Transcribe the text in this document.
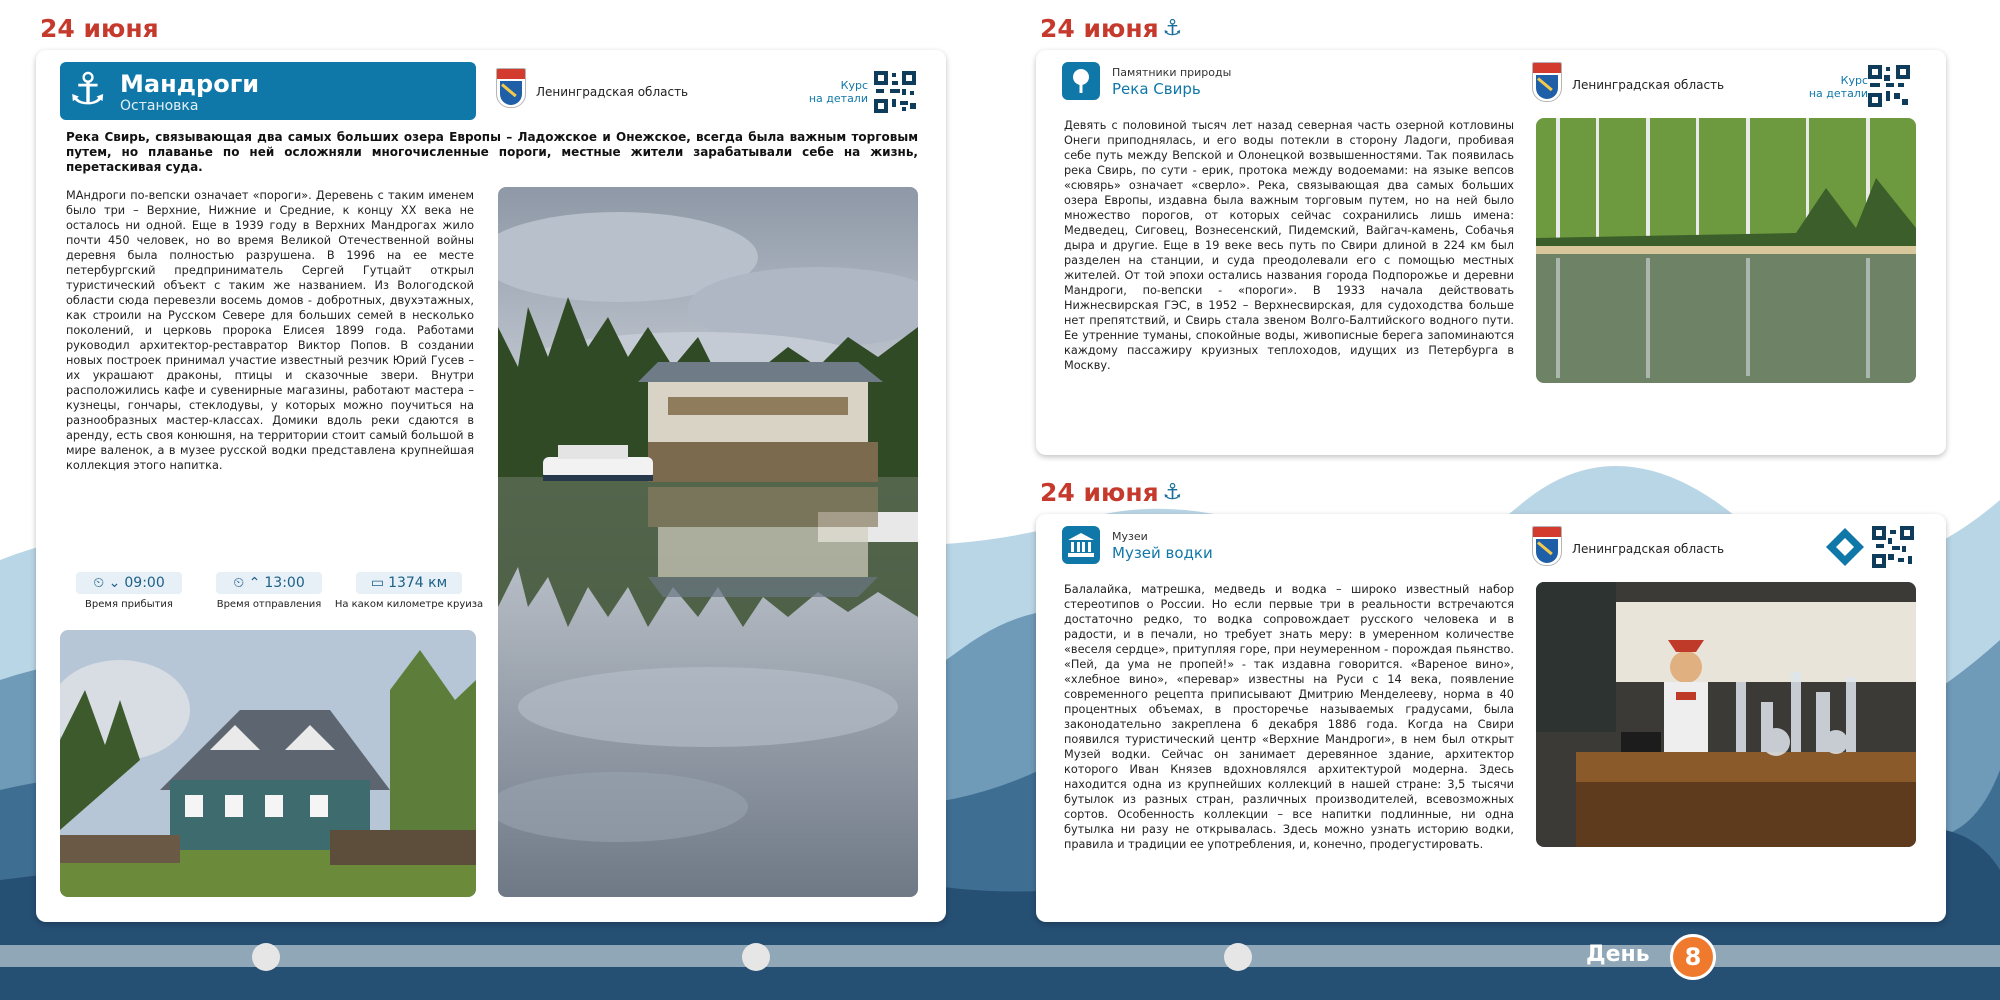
24 июня
⚓ Мандроги
Остановка
Ленинградская область	Курс
на детали
Река Свирь, связывающая два самых больших озера Европы – Ладожское и Онежское, всегда была важным торговым путем, но плаванье по ней осложняли многочисленные пороги, местные жители зарабатывали себе на жизнь, перетаскивая суда.
МАндроги по-вепски означает «пороги». Деревень с таким именем было три – Верхние, Нижние и Средние, к концу XX века не осталось ни одной. Еще в 1939 году в Верхних Мандрогах жило почти 450 человек, но во время Великой Отечественной войны деревня была полностью разрушена. В 1996 на ее месте петербургский предприниматель Сергей Гутцайт открыл туристический объект с таким же названием. Из Вологодской области сюда перевезли восемь домов - добротных, двухэтажных, как строили на Русском Севере для больших семей в несколько поколений, и церковь пророка Елисея 1899 года. Работами руководил архитектор-реставратор Виктор Попов. В создании новых построек принимал участие известный резчик Юрий Гусев – их украшают драконы, птицы и сказочные звери. Внутри расположились кафе и сувенирные магазины, работают мастера – кузнецы, гончары, стеклодувы, у которых можно поучиться на разнообразных мастер-классах. Домики вдоль реки сдаются в аренду, есть своя конюшня, на территории стоит самый большой в мире валенок, а в музее русской водки представлена крупнейшая коллекция этого напитка.
⏲ ⌄ 09:00
Время прибытия
⏲ ⌃ 13:00
Время отправления
▭ 1374 км
На каком километре круиза
24 июня ⚓
Памятники природы
Река Свирь	Ленинградская область	Курс
на детали
Девять с половиной тысяч лет назад северная часть озерной котловины Онеги приподнялась, и его воды потекли в сторону Ладоги, пробивая себе путь между Вепской и Олонецкой возвышенностями. Так появилась река Свирь, по сути - ерик, протока между водоемами: на языке вепсов «сювярь» означает «сверло». Река, связывающая два самых больших озера Европы, издавна была важным торговым путем, но на ней было множество порогов, от которых сейчас сохранились лишь имена: Медведец, Сиговец, Вознесенский, Пидемский, Вайгач-камень, Собачья дыра и другие. Еще в 19 веке весь путь по Свири длиной в 224 км был разделен на станции, и суда преодолевали его с помощью местных жителей. От той эпохи остались названия города Подпорожье и деревни Мандроги, по-вепски - «пороги». В 1933 начала действовать Нижнесвирская ГЭС, в 1952 – Верхнесвирская, для судоходства больше нет препятствий, и Свирь стала звеном Волго-Балтийского водного пути. Ее утренние туманы, спокойные воды, живописные берега запоминаются каждому пассажиру круизных теплоходов, идущих из Петербурга в Москву.
24 июня ⚓
Музеи
Музей водки	Ленинградская область
Балалайка, матрешка, медведь и водка – широко известный набор стереотипов о России. Но если первые три в реальности встречаются достаточно редко, то водка сопровождает русского человека и в радости, и в печали, но требует знать меру: в умеренном количестве «веселя сердце», притупляя горе, при неумеренном - порождая пьянство. «Пей, да ума не пропей!» - так издавна говорится. «Вареное вино», «хлебное вино», «перевар» известны на Руси с 14 века, появление современного рецепта приписывают Дмитрию Менделееву, норма в 40 процентных объемах, в просторечье называемых градусами, была законодательно закреплена 6 декабря 1886 года. Когда на Свири появился туристический центр «Верхние Мандроги», в нем был открыт Музей водки. Сейчас он занимает деревянное здание, архитектор которого Иван Князев вдохновлялся архитектурой модерна. Здесь находится одна из крупнейших коллекций в нашей стране: 3,5 тысячи бутылок из разных стран, различных производителей, всевозможных сортов. Особенность коллекции – все напитки подлинные, ни одна бутылка ни разу не открывалась. Здесь можно узнать историю водки, правила и традиции ее употребления, и, конечно, продегустировать.
День	8
